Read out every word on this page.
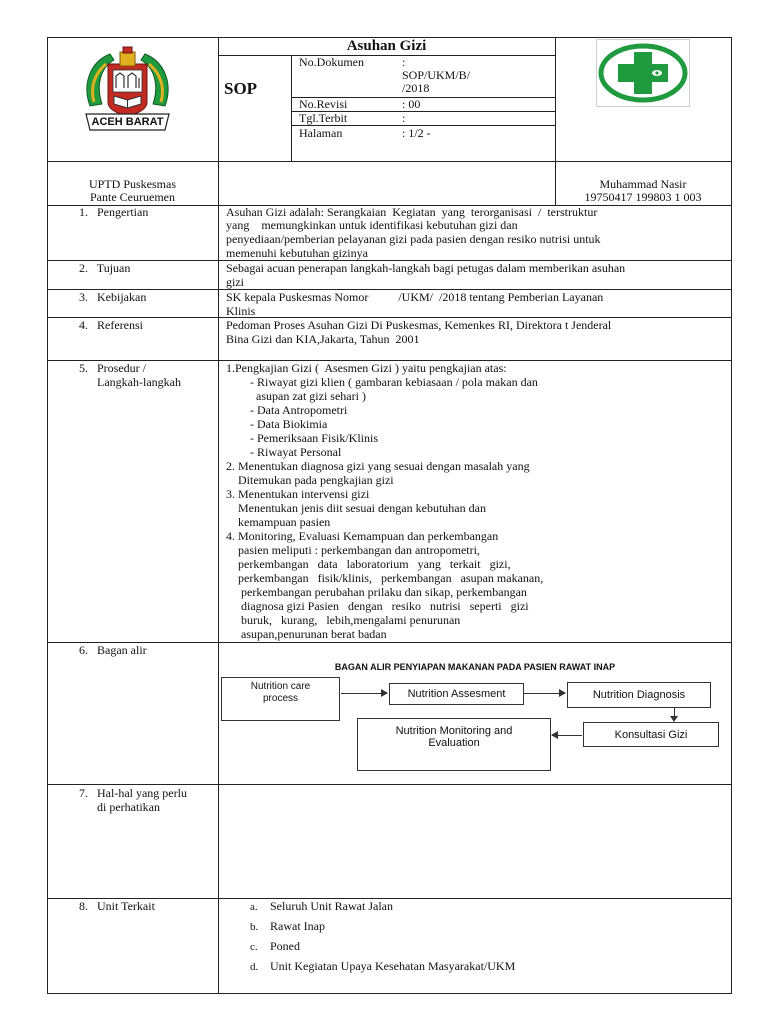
ACEH BARAT
Asuhan Gizi
SOP
No.Dokumen	:
SOP/UKM/B/
/2018
No.Revisi	: 00
Tgl.Terbit	:
Halaman	: 1/2 -
UPTD Puskesmas
Pante Ceuruemen
Muhammad Nasir
19750417 199803 1 003
1.   Pengertian	Asuhan Gizi adalah: Serangkaian  Kegiatan  yang  terorganisasi  /  terstruktur
yang    memungkinkan untuk identifikasi kebutuhan gizi dan
penyediaan/pemberian pelayanan gizi pada pasien dengan resiko nutrisi untuk
memenuhi kebutuhan gizinya
2.   Tujuan	Sebagai acuan penerapan langkah-langkah bagi petugas dalam memberikan asuhan
gizi
3.   Kebijakan	SK kepala Puskesmas Nomor          /UKM/  /2018 tentang Pemberian Layanan
Klinis
4.   Referensi	Pedoman Proses Asuhan Gizi Di Puskesmas, Kemenkes RI, Direktora t Jenderal
Bina Gizi dan KIA,Jakarta, Tahun  2001
5.   Prosedur /
Langkah-langkah
1.Pengkajian Gizi (  Asesmen Gizi ) yaitu pengkajian atas:
- Riwayat gizi klien ( gambaran kebiasaan / pola makan dan
asupan zat gizi sehari )
- Data Antropometri
- Data Biokimia
- Pemeriksaan Fisik/Klinis
- Riwayat Personal
2. Menentukan diagnosa gizi yang sesuai dengan masalah yang
Ditemukan pada pengkajian gizi
3. Menentukan intervensi gizi
Menentukan jenis diit sesuai dengan kebutuhan dan
kemampuan pasien
4. Monitoring, Evaluasi Kemampuan dan perkembangan
pasien meliputi : perkembangan dan antropometri,
perkembangan   data   laboratorium   yang   terkait   gizi,
perkembangan   fisik/klinis,   perkembangan   asupan makanan,
perkembangan perubahan prilaku dan sikap, perkembangan
diagnosa gizi Pasien   dengan   resiko   nutrisi   seperti   gizi
buruk,   kurang,   lebih,mengalami penurunan
asupan,penurunan berat badan
6.   Bagan alir
BAGAN ALIR PENYIAPAN MAKANAN PADA PASIEN RAWAT INAP
Nutrition care process	Nutrition Assesment	Nutrition Diagnosis
Konsultasi Gizi
Nutrition Monitoring and Evaluation
7.   Hal-hal yang perlu
di perhatikan
8.   Unit Terkait	a. Seluruh Unit Rawat Jalan
b. Rawat Inap
c. Poned
d. Unit Kegiatan Upaya Kesehatan Masyarakat/UKM
